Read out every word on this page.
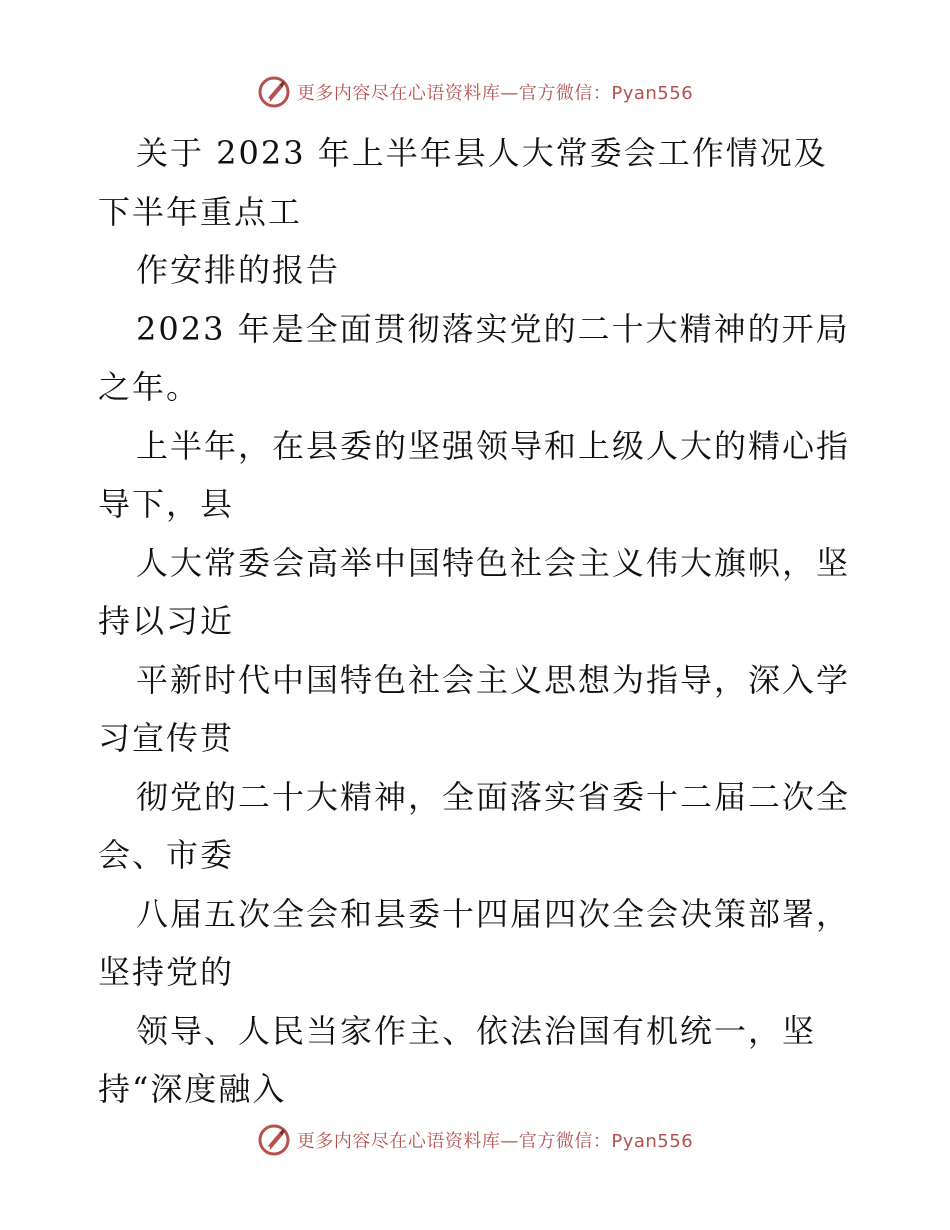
更多内容尽在心语资料库—官方微信：Pyan556

关于 2023 年上半年县人大常委会工作情况及下半年重点工

作安排的报告

2023 年是全面贯彻落实党的二十大精神的开局之年。

上半年，在县委的坚强领导和上级人大的精心指导下，县

人大常委会高举中国特色社会主义伟大旗帜，坚持以习近

平新时代中国特色社会主义思想为指导，深入学习宣传贯

彻党的二十大精神，全面落实省委十二届二次全会、市委

八届五次全会和县委十四届四次全会决策部署，坚持党的

领导、人民当家作主、依法治国有机统一，坚持“深度融入

更多内容尽在心语资料库—官方微信：Pyan556
